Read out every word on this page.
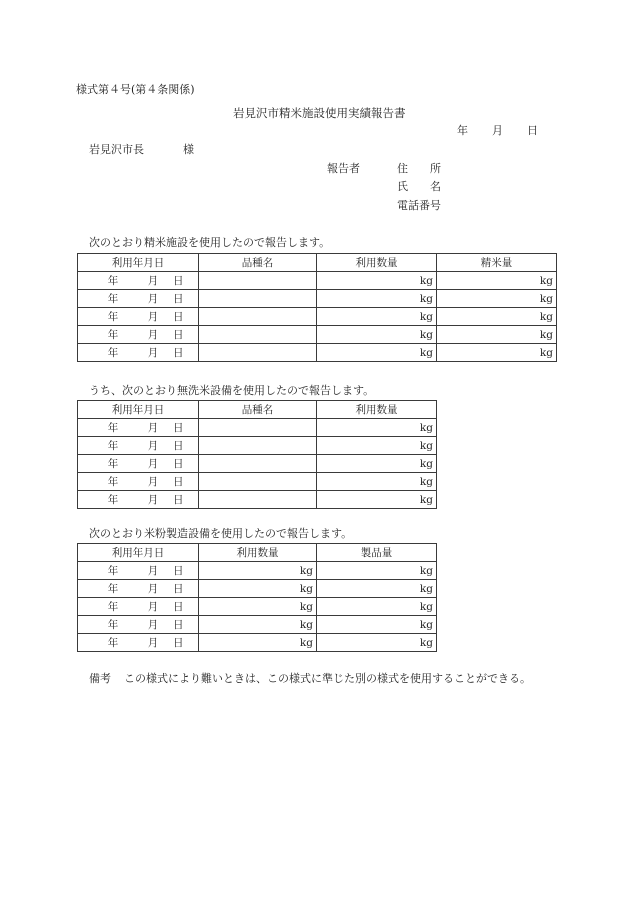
様式第４号(第４条関係)
岩見沢市精米施設使用実績報告書
年 月 日
岩見沢市長	様
報告者	住　　所
氏　　名
電話番号
次のとおり精米施設を使用したので報告します。
利用年月日	品種名	利用数量	精米量
年 月 日		kg	kg
年 月 日		kg	kg
年 月 日		kg	kg
年 月 日		kg	kg
年 月 日		kg	kg
うち、次のとおり無洗米設備を使用したので報告します。
利用年月日	品種名	利用数量
年 月 日		kg
年 月 日		kg
年 月 日		kg
年 月 日		kg
年 月 日		kg
次のとおり米粉製造設備を使用したので報告します。
利用年月日	利用数量	製品量
年 月 日	kg	kg
年 月 日	kg	kg
年 月 日	kg	kg
年 月 日	kg	kg
年 月 日	kg	kg
備考 この様式により難いときは、この様式に準じた別の様式を使用することができる。
